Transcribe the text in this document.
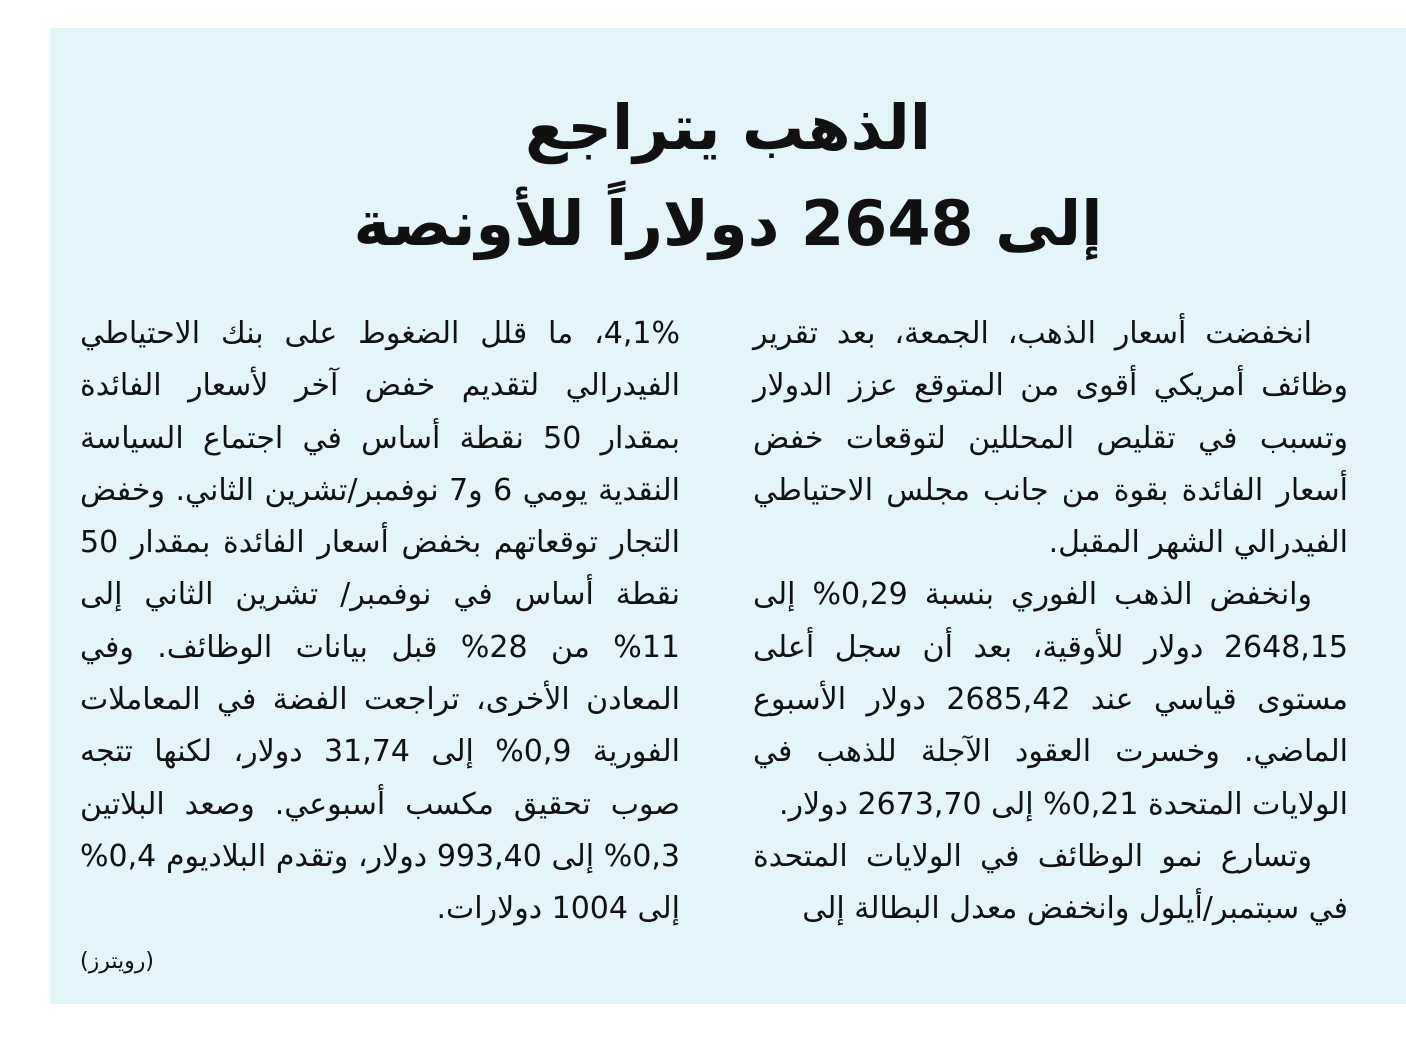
الذهب يتراجع
إلى 2648 دولاراً للأونصة

انخفضت أسعار الذهب، الجمعة، بعد تقرير وظائف أمريكي أقوى من المتوقع عزز الدولار وتسبب في تقليص المحللين لتوقعات خفض أسعار الفائدة بقوة من جانب مجلس الاحتياطي الفيدرالي الشهر المقبل.

وانخفض الذهب الفوري بنسبة 0,29% إلى 2648,15 دولار للأوقية، بعد أن سجل أعلى مستوى قياسي عند 2685,42 دولار الأسبوع الماضي. وخسرت العقود الآجلة للذهب في الولايات المتحدة 0,21% إلى 2673,70 دولار.

وتسارع نمو الوظائف في الولايات المتحدة في سبتمبر/أيلول وانخفض معدل البطالة إلى

4,1%، ما قلل الضغوط على بنك الاحتياطي الفيدرالي لتقديم خفض آخر لأسعار الفائدة بمقدار 50 نقطة أساس في اجتماع السياسة النقدية يومي 6 و7 نوفمبر/تشرين الثاني. وخفض التجار توقعاتهم بخفض أسعار الفائدة بمقدار 50 نقطة أساس في نوفمبر/ تشرين الثاني إلى 11% من 28% قبل بيانات الوظائف. وفي المعادن الأخرى، تراجعت الفضة في المعاملات الفورية 0,9% إلى 31,74 دولار، لكنها تتجه صوب تحقيق مكسب أسبوعي. وصعد البلاتين 0,3% إلى 993,40 دولار، وتقدم البلاديوم 0,4% إلى 1004 دولارات.

(رويترز)
